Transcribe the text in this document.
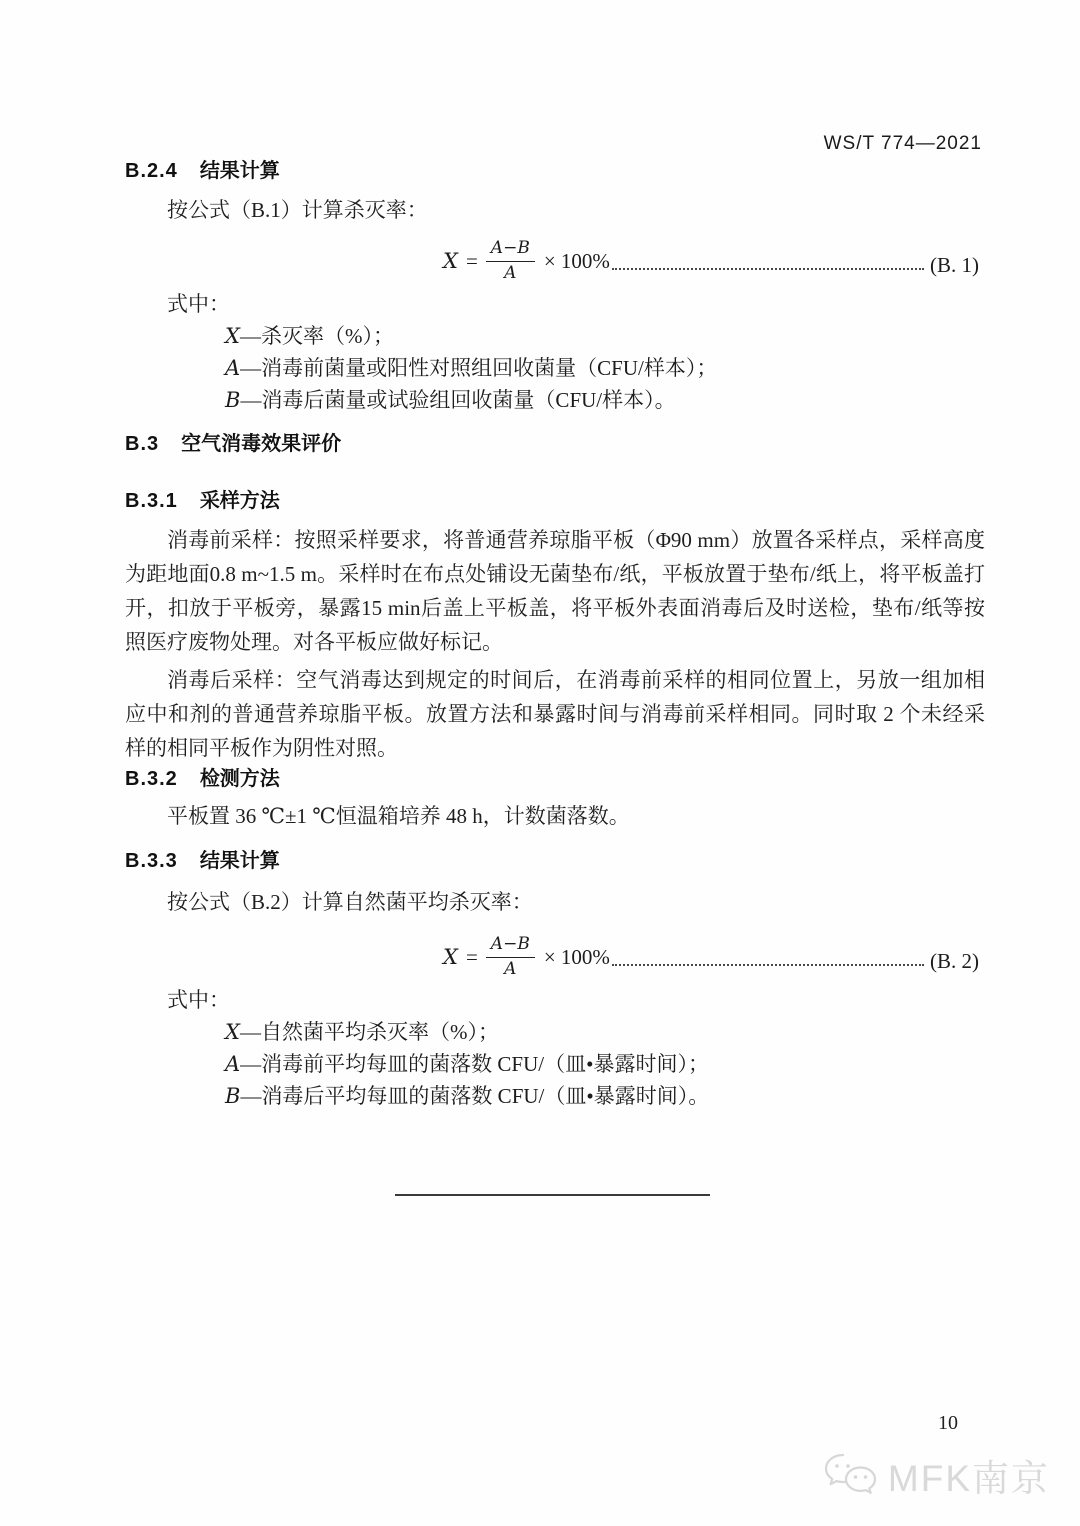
WS/T 774—2021
B.2.4 结果计算
按公式（B.1）计算杀灭率：
$X = \frac{A-B}{A} \times 100\%$	(B. 1)
式中：
X—杀灭率（%）；
A—消毒前菌量或阳性对照组回收菌量（CFU/样本）；
B—消毒后菌量或试验组回收菌量（CFU/样本）。
B.3 空气消毒效果评价
B.3.1 采样方法
消毒前采样：按照采样要求，将普通营养琼脂平板（Φ90 mm）放置各采样点，采样高度为距地面0.8 m~1.5 m。采样时在布点处铺设无菌垫布/纸，平板放置于垫布/纸上，将平板盖打开，扣放于平板旁，暴露15 min后盖上平板盖，将平板外表面消毒后及时送检，垫布/纸等按照医疗废物处理。对各平板应做好标记。
消毒后采样：空气消毒达到规定的时间后，在消毒前采样的相同位置上，另放一组加相应中和剂的普通营养琼脂平板。放置方法和暴露时间与消毒前采样相同。同时取 2 个未经采样的相同平板作为阴性对照。
B.3.2 检测方法
平板置 36 ℃±1 ℃恒温箱培养 48 h，计数菌落数。
B.3.3 结果计算
按公式（B.2）计算自然菌平均杀灭率：
$X = \frac{A-B}{A} \times 100\%$	(B. 2)
式中：
X—自然菌平均杀灭率（%）；
A—消毒前平均每皿的菌落数 CFU/（皿•暴露时间）；
B—消毒后平均每皿的菌落数 CFU/（皿•暴露时间）。
10
MFK南京
